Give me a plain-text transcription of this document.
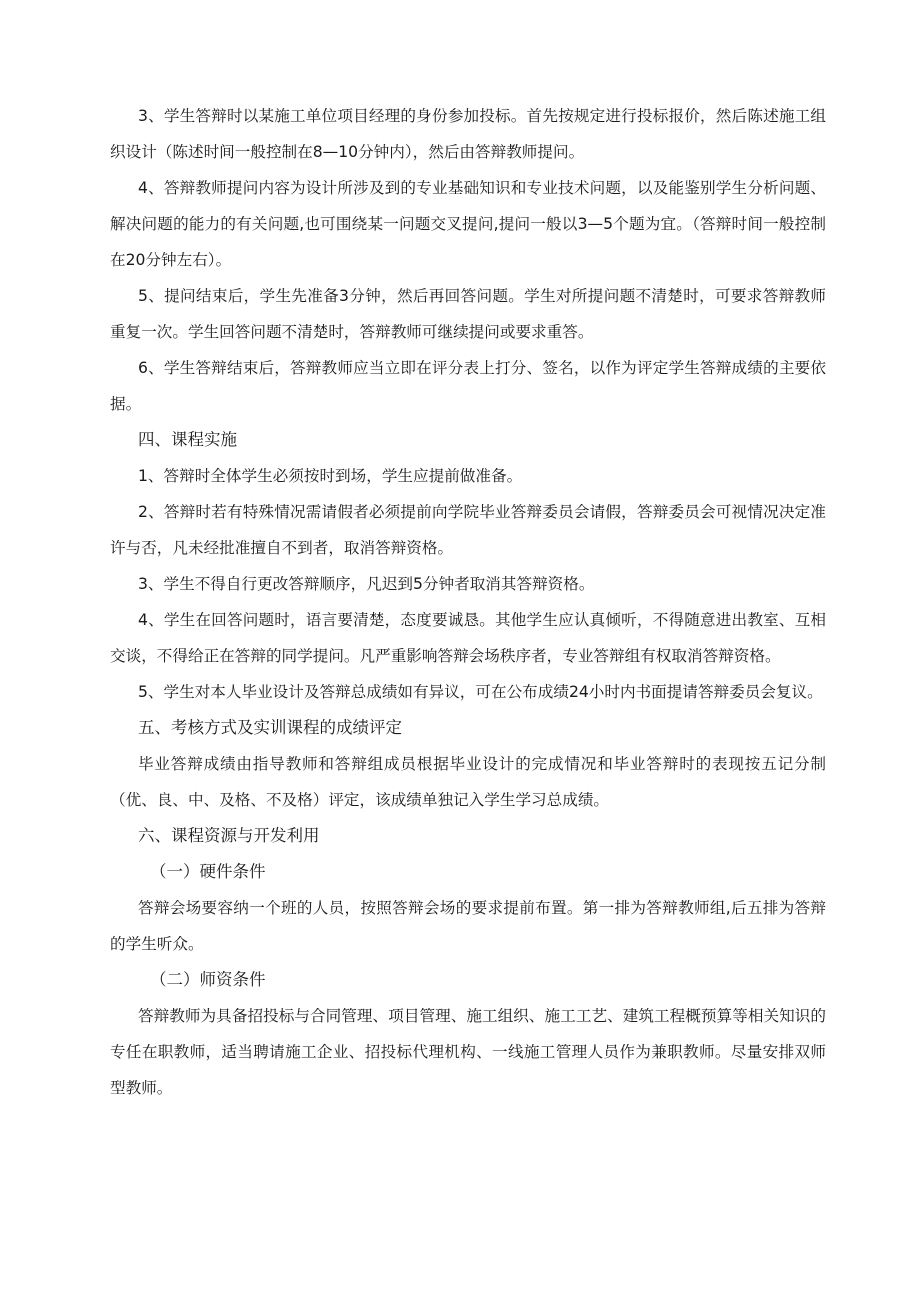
3、学生答辩时以某施工单位项目经理的身份参加投标。首先按规定进行投标报价，然后陈述施工组织设计（陈述时间一般控制在8—10分钟内），然后由答辩教师提问。

4、答辩教师提问内容为设计所涉及到的专业基础知识和专业技术问题，以及能鉴别学生分析问题、解决问题的能力的有关问题,也可围绕某一问题交叉提问,提问一般以3—5个题为宜。（答辩时间一般控制在20分钟左右）。

5、提问结束后，学生先准备3分钟，然后再回答问题。学生对所提问题不清楚时，可要求答辩教师重复一次。学生回答问题不清楚时，答辩教师可继续提问或要求重答。

6、学生答辩结束后，答辩教师应当立即在评分表上打分、签名，以作为评定学生答辩成绩的主要依据。

四、课程实施

1、答辩时全体学生必须按时到场，学生应提前做准备。

2、答辩时若有特殊情况需请假者必须提前向学院毕业答辩委员会请假，答辩委员会可视情况决定准许与否，凡未经批准擅自不到者，取消答辩资格。

3、学生不得自行更改答辩顺序，凡迟到5分钟者取消其答辩资格。

4、学生在回答问题时，语言要清楚，态度要诚恳。其他学生应认真倾听，不得随意进出教室、互相交谈，不得给正在答辩的同学提问。凡严重影响答辩会场秩序者，专业答辩组有权取消答辩资格。

5、学生对本人毕业设计及答辩总成绩如有异议，可在公布成绩24小时内书面提请答辩委员会复议。

五、考核方式及实训课程的成绩评定

毕业答辩成绩由指导教师和答辩组成员根据毕业设计的完成情况和毕业答辩时的表现按五记分制（优、良、中、及格、不及格）评定，该成绩单独记入学生学习总成绩。

六、课程资源与开发利用

（一）硬件条件

答辩会场要容纳一个班的人员，按照答辩会场的要求提前布置。第一排为答辩教师组,后五排为答辩的学生听众。

（二）师资条件

答辩教师为具备招投标与合同管理、项目管理、施工组织、施工工艺、建筑工程概预算等相关知识的专任在职教师，适当聘请施工企业、招投标代理机构、一线施工管理人员作为兼职教师。尽量安排双师型教师。
